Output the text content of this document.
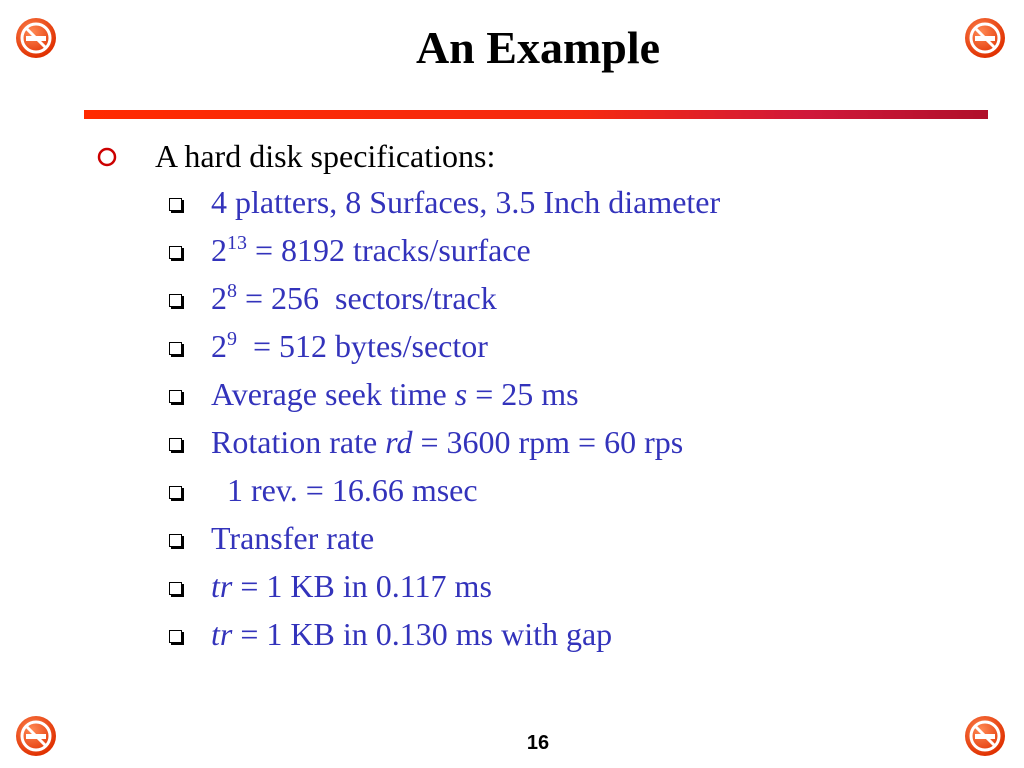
An Example
A hard disk specifications:
4 platters, 8 Surfaces, 3.5 Inch diameter
$2^{13} = 8192$ tracks/surface
$2^8 = 256$  sectors/track
$2^9 = 512$ bytes/sector
Average seek time s = 25 ms
Rotation rate rd = 3600 rpm = 60 rps
1 rev. = 16.66 msec
Transfer rate
tr = 1 KB in 0.117 ms
tr = 1 KB in 0.130 ms with gap
16
